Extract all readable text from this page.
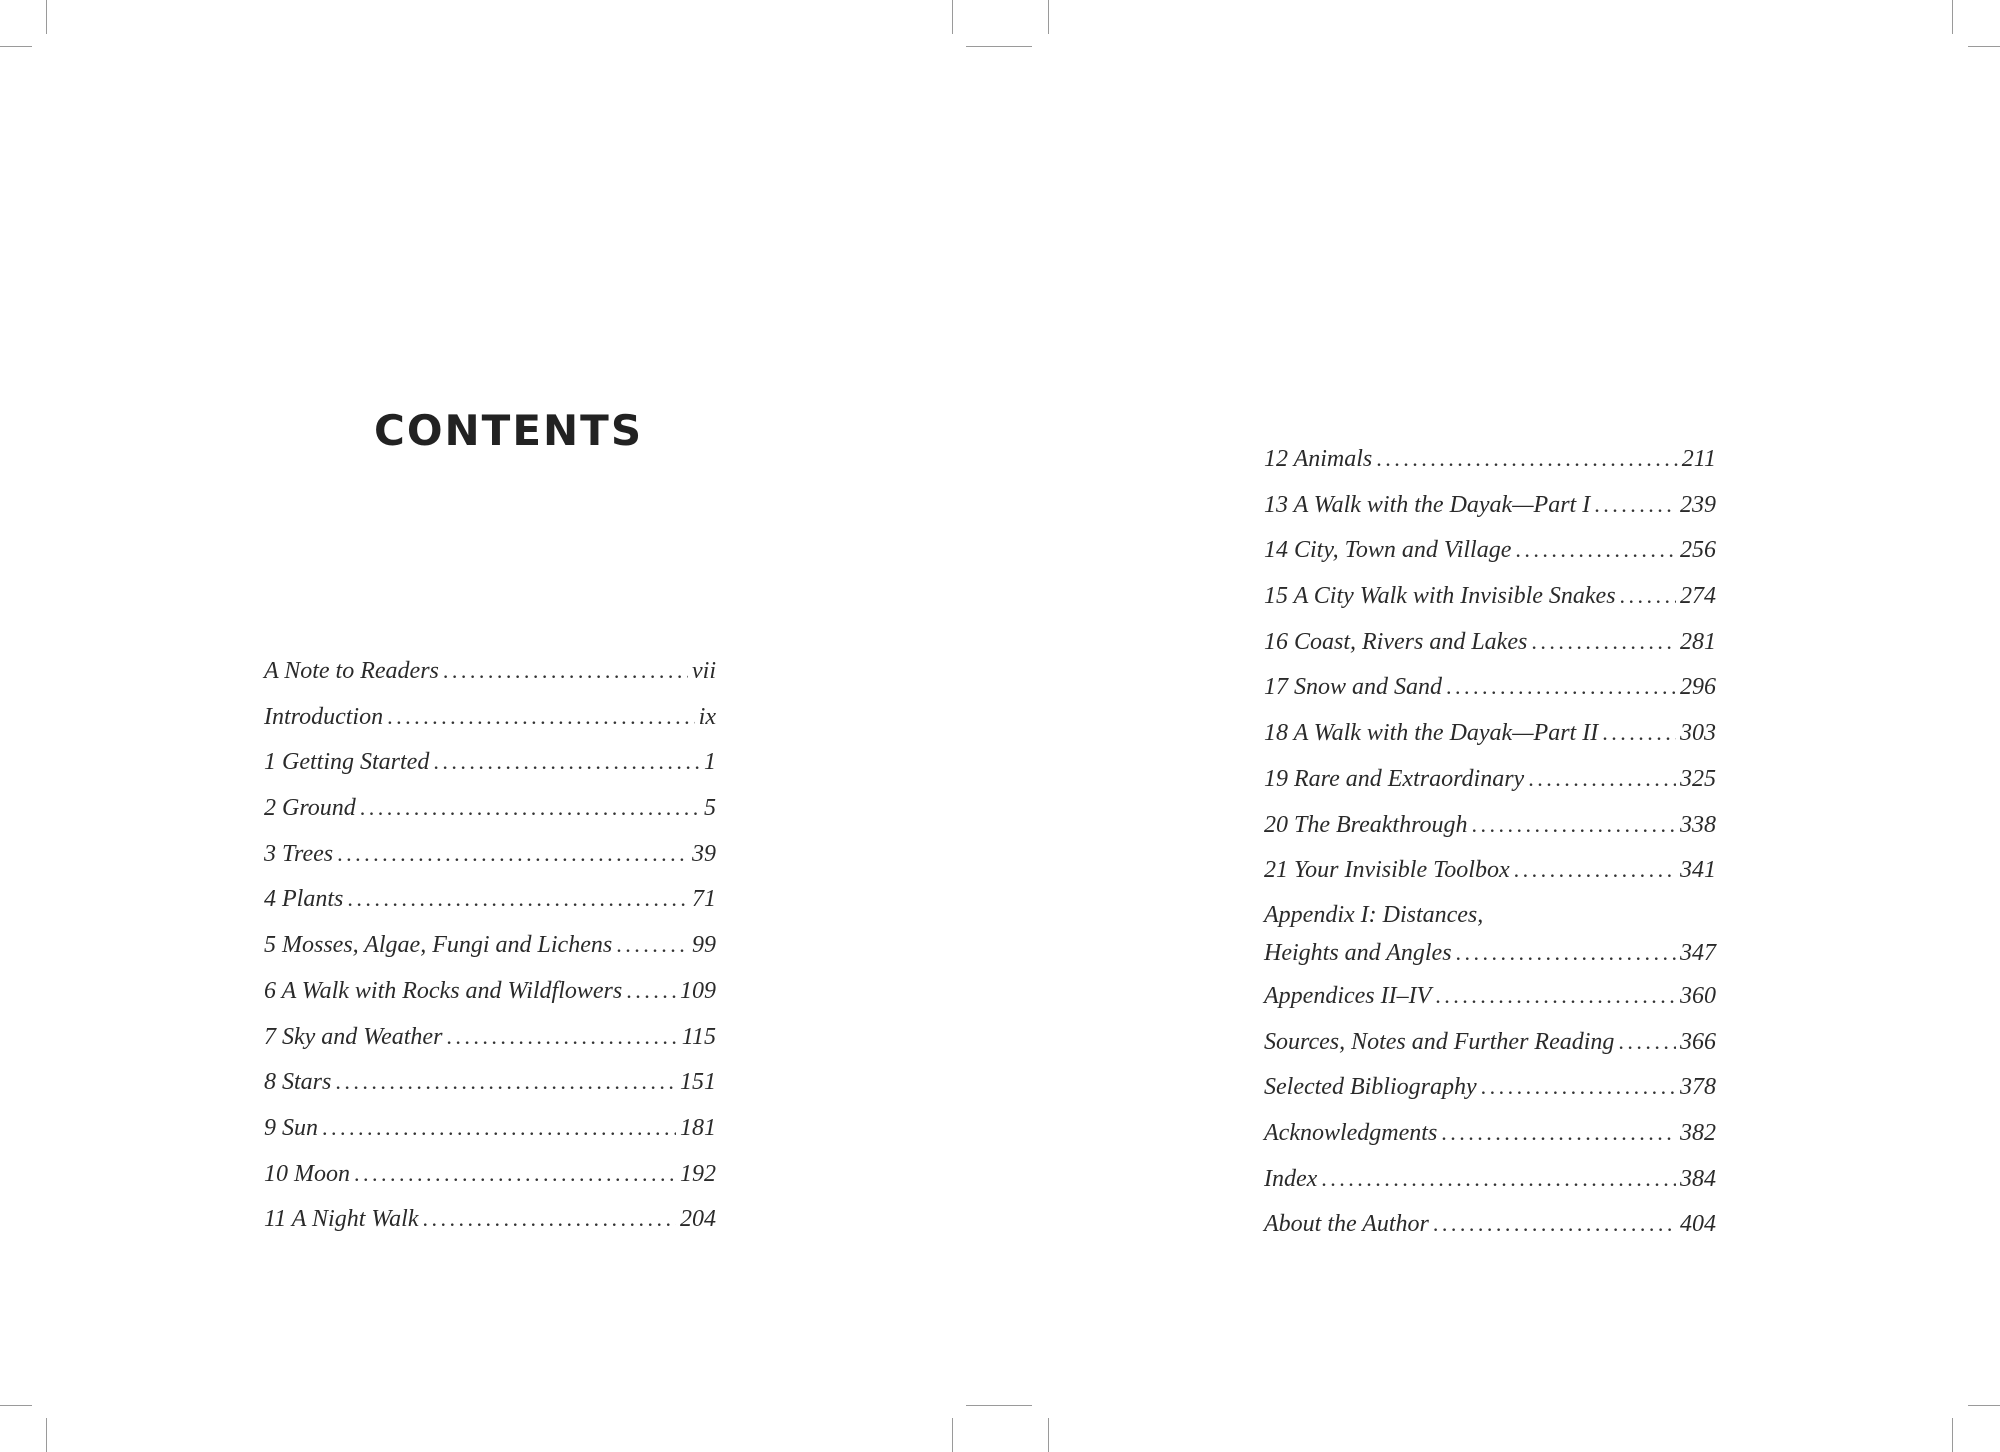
CONTENTS
A Note to Readers . . .	vii
Introduction . . .	ix
1 Getting Started . . .	1
2 Ground . . .	5
3 Trees . . .	39
4 Plants . . .	71
5 Mosses, Algae, Fungi and Lichens . . .	99
6 A Walk with Rocks and Wildflowers . . . 109
7 Sky and Weather . . .	115
8 Stars . . .	151
9 Sun . . .	181
10 Moon . . .	192
11 A Night Walk . . .	204
12 Animals . . .	211
13 A Walk with the Dayak—Part I . . .	239
14 City, Town and Village . . .	256
15 A City Walk with Invisible Snakes . . .	274
16 Coast, Rivers and Lakes . . .	281
17 Snow and Sand . . .	296
18 A Walk with the Dayak—Part II . . .	303
19 Rare and Extraordinary . . .	325
20 The Breakthrough . . .	338
21 Your Invisible Toolbox . . .	341
Appendix I: Distances,
Heights and Angles . . .	347
Appendices II–IV . . .	360
Sources, Notes and Further Reading . . .	366
Selected Bibliography . . .	378
Acknowledgments . . .	382
Index . . .	384
About the Author . . .	404
